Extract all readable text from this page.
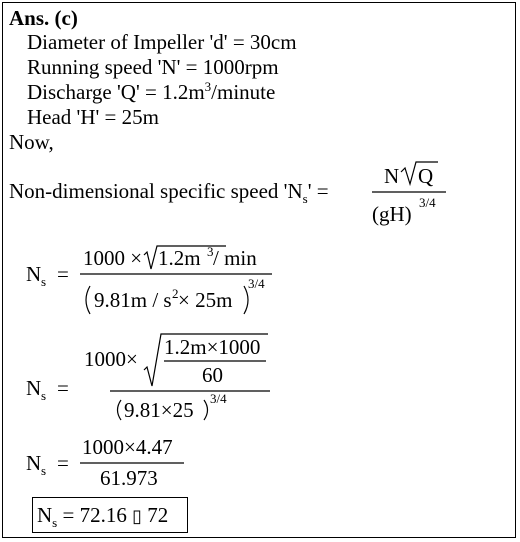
Ans. (c)
Diameter of Impeller 'd' = 30cm
Running speed 'N' = 1000rpm
Discharge '$Q' = 1.2m^3$/minute
Head 'H' = 25m
Now,
Non-dimensional specific speed '$N_s$' =
N Q
(gH) 3/4
N s =
1000 × 1.2m 3 / min
9.81m / s 2 × 25m
3/4
N s =
1000× 1.2m×1000
60
9.81×25 3/4
N s =
1000×4.47
61.973
$N_s = 72.16$ ▯ 72
